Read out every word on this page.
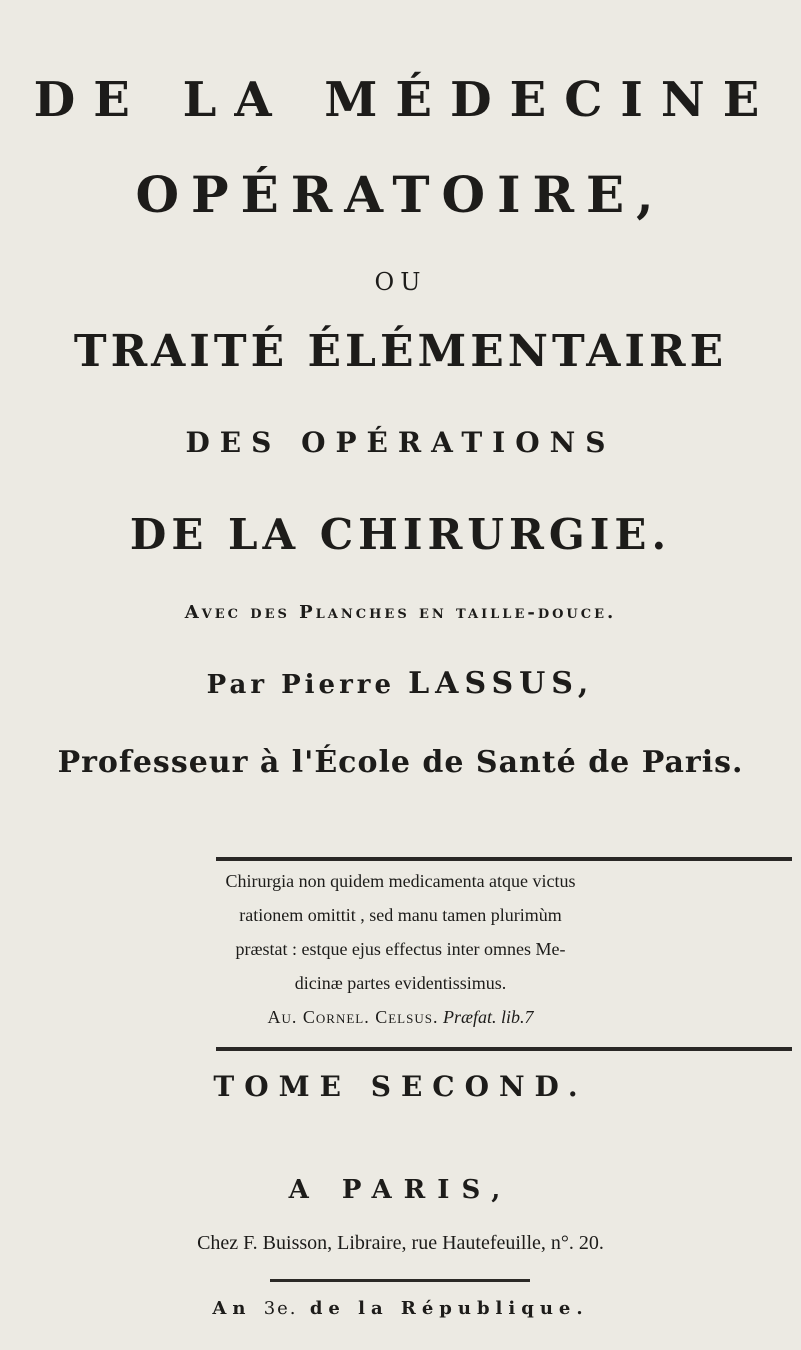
DE LA MÉDECINE
OPÉRATOIRE,
OU
TRAITÉ ÉLÉMENTAIRE
DES OPÉRATIONS
DE LA CHIRURGIE.
Avec des Planches en taille-douce.
Par Pierre LASSUS,
Professeur à l'École de Santé de Paris.
Chirurgia non quidem medicamenta atque victus
rationem omittit , sed manu tamen plurimùm
præstat : estque ejus effectus inter omnes Me-
dicinæ partes evidentissimus.
Au. Cornel. Celsus. Præfat. lib.7
TOME SECOND.
A PARIS,
Chez F. Buisson, Libraire, rue Hautefeuille, n°. 20.
An 3e. de la République.
